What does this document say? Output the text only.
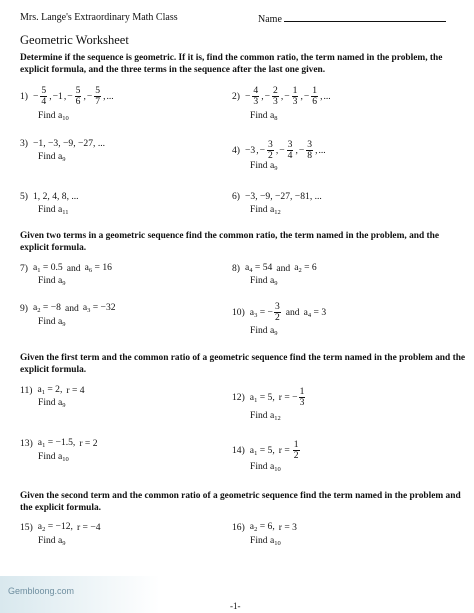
Mrs. Lange's Extraordinary Math Class	Name
Geometric Worksheet
Determine if the sequence is geometric. If it is, find the common ratio, the term named in the problem, the explicit formula, and the three terms in the sequence after the last one given.
$1) - \frac{5}{4}$ , −1 , − $\frac{5}{6}$ , − $\frac{5}{7}$ , ...
Find $a_{10}$
$2) - \frac{4}{3}$ , − $\frac{2}{3}$ , − $\frac{1}{3}$ , − $\frac{1}{6}$ , ...
Find $a_8$
3) −1, −3, −9, −27, ...
Find $a_9$
4) −3 , − $\frac{3}{2}$ , − $\frac{3}{4}$ , − $\frac{3}{8}$ , ...
Find $a_9$
5) 1, 2, 4, 8, ...
Find $a_{11}$
6) −3, −9, −27, −81, ...
Find $a_{12}$
Given two terms in a geometric sequence find the common ratio, the term named in the problem, and the explicit formula.
7) $a_1 = 0.5$ and $a_6 = 16$
Find $a_9$
8) $a_4 = 54$ and $a_2 = 6$
Find $a_9$
9) $a_2 = -8$ and $a_3 = -32$
Find $a_9$
10) $a_3$ = − $\frac{3}{2}$ and $a_4 = 3$
Find $a_9$
Given the first term and the common ratio of a geometric sequence find the term named in the problem and the explicit formula.
11) $a_1 = 2$, r = 4
Find $a_9$
12) $a_1 = 5$, r = − $\frac{1}{3}$
Find $a_{12}$
13) $a_1 = -1.5$, r = 2
Find $a_{10}$
14) $a_1 = 5$, $r = \frac{1}{2}$
Find $a_{10}$
Given the second term and the common ratio of a geometric sequence find the term named in the problem and the explicit formula.
15) $a_2 = -12$, r = −4
Find $a_9$
16) $a_2 = 6$, r = 3
Find $a_{10}$
Gembloong.com
-1-
